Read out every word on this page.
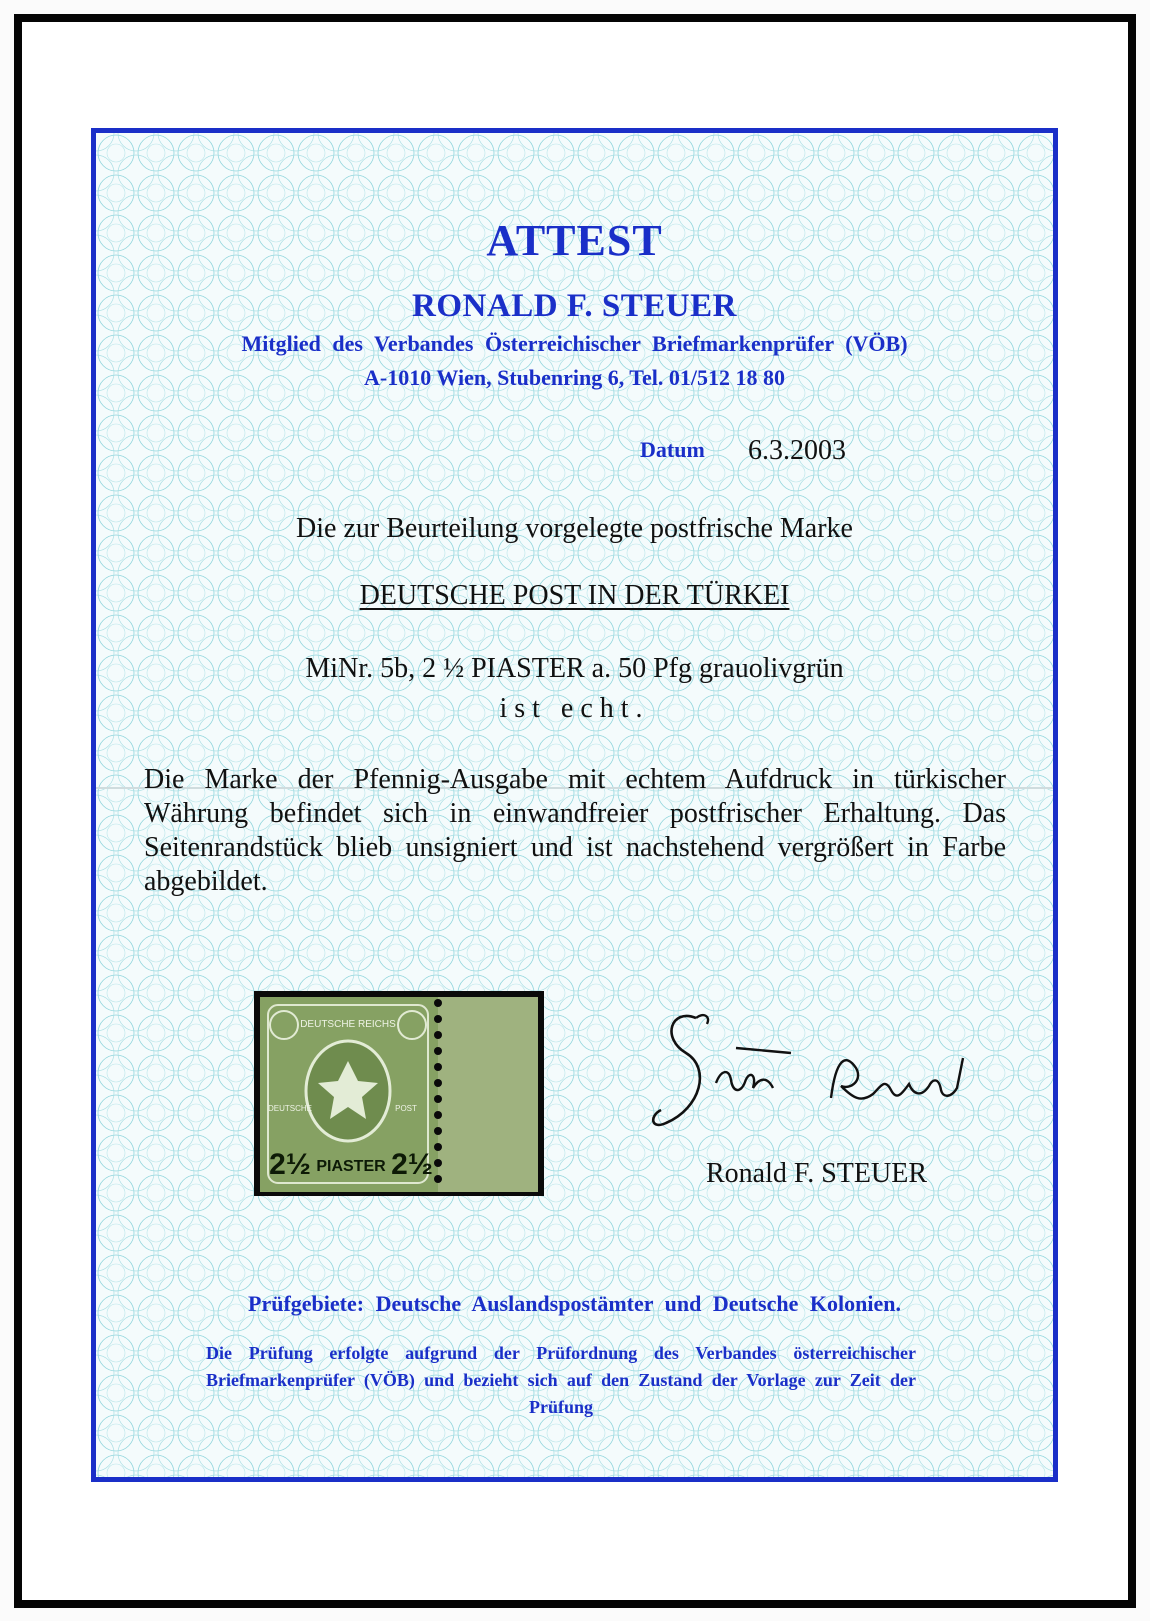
ATTEST
RONALD F. STEUER
Mitglied des Verbandes Österreichischer Briefmarkenprüfer (VÖB)
A-1010 Wien, Stubenring 6, Tel. 01/512 18 80
Datum 6.3.2003
Die zur Beurteilung vorgelegte postfrische Marke
DEUTSCHE POST IN DER TÜRKEI
MiNr. 5b, 2 ½ PIASTER a. 50 Pfg grauolivgrün
ist echt.
Die Marke der Pfennig-Ausgabe mit echtem Aufdruck in türkischer Währung befindet sich in einwandfreier postfrischer Erhaltung. Das Seitenrandstück blieb unsigniert und ist nachstehend vergrößert in Farbe abgebildet.
DEUTSCHE REICHS
DEUTSCHE	POST
2½ PIASTER 2½	Ronald F. STEUER
Prüfgebiete: Deutsche Auslandspostämter und Deutsche Kolonien.
Die Prüfung erfolgte aufgrund der Prüfordnung des Verbandes österreichischer Briefmarkenprüfer (VÖB) und bezieht sich auf den Zustand der Vorlage zur Zeit der Prüfung
